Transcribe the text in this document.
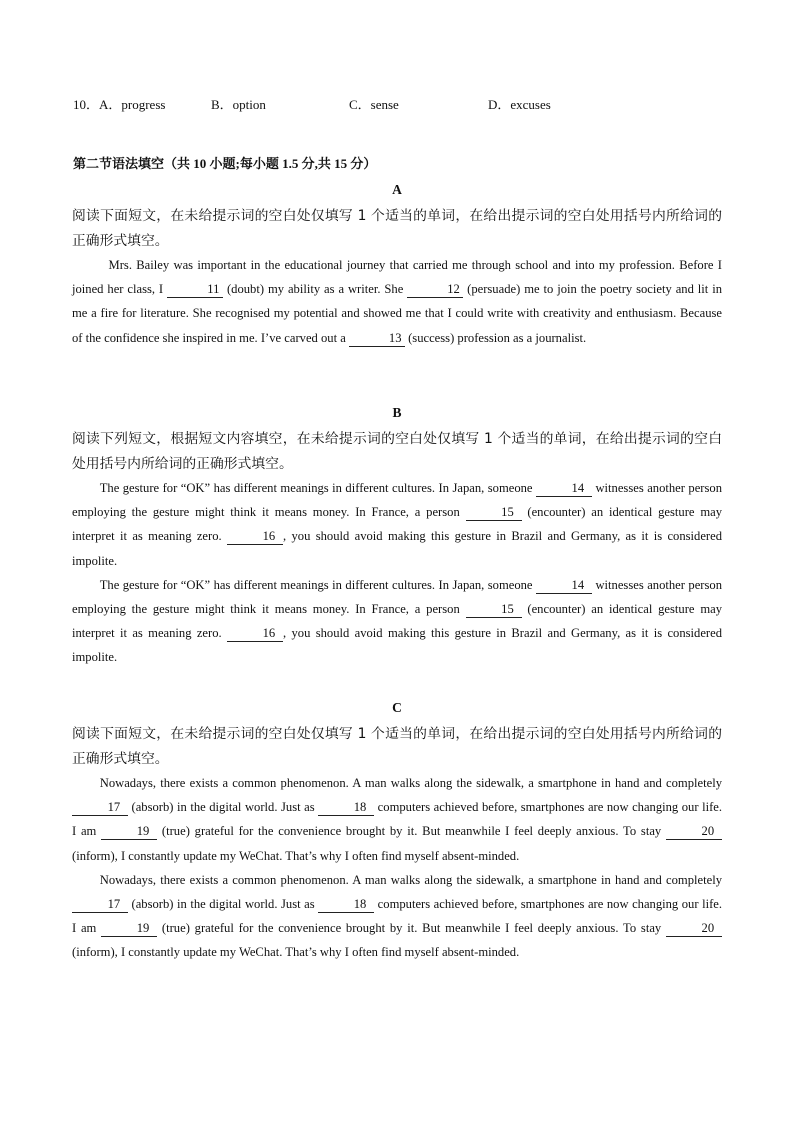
10．A．progress	B．option	C．sense	D．excuses
第二节语法填空（共 10 小题;每小题 1.5 分,共 15 分）
A
阅读下面短文，在未给提示词的空白处仅填写 1 个适当的单词，在给出提示词的空白处用括号内所给词的正确形式填空。

Mrs. Bailey was important in the educational journey that carried me through school and into my profession. Before I joined her class, I	11 (doubt) my ability as a writer. She	12 (persuade) me to join the poetry society and lit in me a fire for literature. She recognised my potential and showed me that I could write with creativity and enthusiasm. Because of the confidence she inspired in me. I’ve carved out a	13 (success) profession as a journalist.

B
阅读下列短文，根据短文内容填空，在未给提示词的空白处仅填写 1 个适当的单词，在给出提示词的空白处用括号内所给词的正确形式填空。

The gesture for “OK” has different meanings in different cultures. In Japan, someone	14 witnesses another person employing the gesture might think it means money. In France, a person	15 (encounter) an identical gesture may interpret it as meaning zero.	16 , you should avoid making this gesture in Brazil and Germany, as it is considered impolite.

The gesture for “OK” has different meanings in different cultures. In Japan, someone	14 witnesses another person employing the gesture might think it means money. In France, a person	15 (encounter) an identical gesture may interpret it as meaning zero.	16 , you should avoid making this gesture in Brazil and Germany, as it is considered impolite.

C
阅读下面短文，在未给提示词的空白处仅填写 1 个适当的单词，在给出提示词的空白处用括号内所给词的正确形式填空。

Nowadays, there exists a common phenomenon. A man walks along the sidewalk, a smartphone in hand and completely 17 (absorb) in the digital world. Just as	18 computers achieved before, smartphones are now changing our life. I am	19 (true) grateful for the convenience brought by it. But meanwhile I feel deeply anxious. To stay	20 (inform), I constantly update my WeChat. That’s why I often find myself absent-minded.

Nowadays, there exists a common phenomenon. A man walks along the sidewalk, a smartphone in hand and completely 17 (absorb) in the digital world. Just as	18 computers achieved before, smartphones are now changing our life. I am	19 (true) grateful for the convenience brought by it. But meanwhile I feel deeply anxious. To stay	20 (inform), I constantly update my WeChat. That’s why I often find myself absent-minded.
